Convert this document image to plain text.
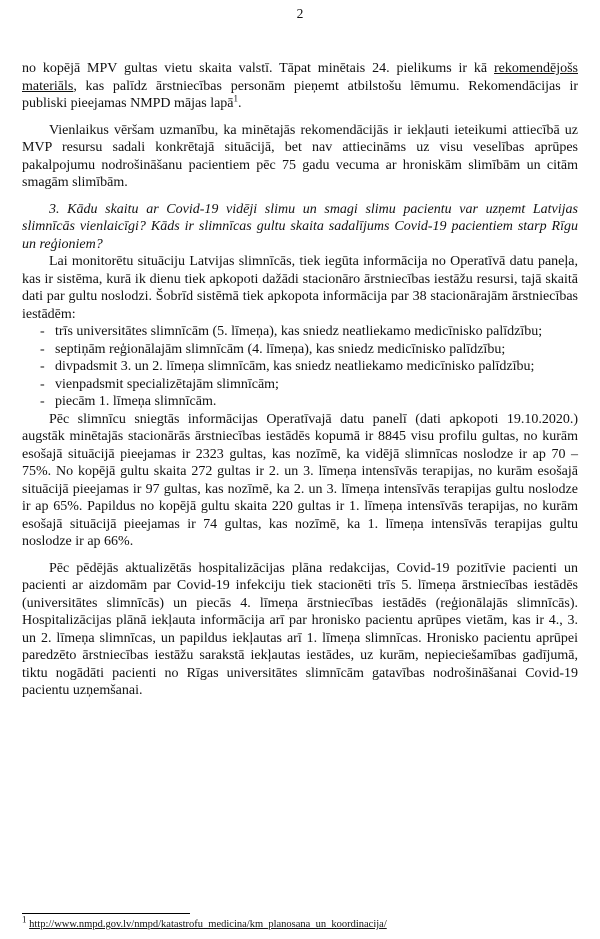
2

no kopējā MPV gultas vietu skaita valstī. Tāpat minētais 24. pielikums ir kā rekomendējošs materiāls, kas palīdz ārstniecības personām pieņemt atbilstošu lēmumu. Rekomendācijas ir publiski pieejamas NMPD mājas lapā$^1$.

Vienlaikus vēršam uzmanību, ka minētajās rekomendācijās ir iekļauti ieteikumi attiecībā uz MVP resursu sadali konkrētajā situācijā, bet nav attiecināms uz visu veselības aprūpes pakalpojumu nodrošināšanu pacientiem pēc 75 gadu vecuma ar hroniskām slimībām un citām smagām slimībām.

3. Kādu skaitu ar Covid-19 vidēji slimu un smagi slimu pacientu var uzņemt Latvijas slimnīcās vienlaicīgi? Kāds ir slimnīcas gultu skaita sadalījums Covid-19 pacientiem starp Rīgu un reģioniem?

Lai monitorētu situāciju Latvijas slimnīcās, tiek iegūta informācija no Operatīvā datu paneļa, kas ir sistēma, kurā ik dienu tiek apkopoti dažādi stacionāro ārstniecības iestāžu resursi, tajā skaitā dati par gultu noslodzi. Šobrīd sistēmā tiek apkopota informācija par 38 stacionārajām ārstniecības iestādēm:

- trīs universitātes slimnīcām (5. līmeņa), kas sniedz neatliekamo medicīnisko palīdzību;
- septiņām reģionālajām slimnīcām (4. līmeņa), kas sniedz medicīnisko palīdzību;
- divpadsmit 3. un 2. līmeņa slimnīcām, kas sniedz neatliekamo medicīnisko palīdzību;
- vienpadsmit specializētajām slimnīcām;
- piecām 1. līmeņa slimnīcām.

Pēc slimnīcu sniegtās informācijas Operatīvajā datu panelī (dati apkopoti 19.10.2020.) augstāk minētajās stacionārās ārstniecības iestādēs kopumā ir 8845 visu profilu gultas, no kurām esošajā situācijā pieejamas ir 2323 gultas, kas nozīmē, ka vidējā slimnīcas noslodze ir ap 70 – 75%. No kopējā gultu skaita 272 gultas ir 2. un 3. līmeņa intensīvās terapijas, no kurām esošajā situācijā pieejamas ir 97 gultas, kas nozīmē, ka 2. un 3. līmeņa intensīvās terapijas gultu noslodze ir ap 65%. Papildus no kopējā gultu skaita 220 gultas ir 1. līmeņa intensīvās terapijas, no kurām esošajā situācijā pieejamas ir 74 gultas, kas nozīmē, ka 1. līmeņa intensīvās terapijas gultu noslodze ir ap 66%.

Pēc pēdējās aktualizētās hospitalizācijas plāna redakcijas, Covid-19 pozitīvie pacienti un pacienti ar aizdomām par Covid-19 infekciju tiek stacionēti trīs 5. līmeņa ārstniecības iestādēs (universitātes slimnīcās) un piecās 4. līmeņa ārstniecības iestādēs (reģionālajās slimnīcās). Hospitalizācijas plānā iekļauta informācija arī par hronisko pacientu aprūpes vietām, kas ir 4., 3. un 2. līmeņa slimnīcas, un papildus iekļautas arī 1. līmeņa slimnīcas. Hronisko pacientu aprūpei paredzēto ārstniecības iestāžu sarakstā iekļautas iestādes, uz kurām, nepieciešamības gadījumā, tiktu nogādāti pacienti no Rīgas universitātes slimnīcām gatavības nodrošināšanai Covid-19 pacientu uzņemšanai.

$^1$ http://www.nmpd.gov.lv/nmpd/katastrofu_medicina/km_planosana_un_koordinacija/
